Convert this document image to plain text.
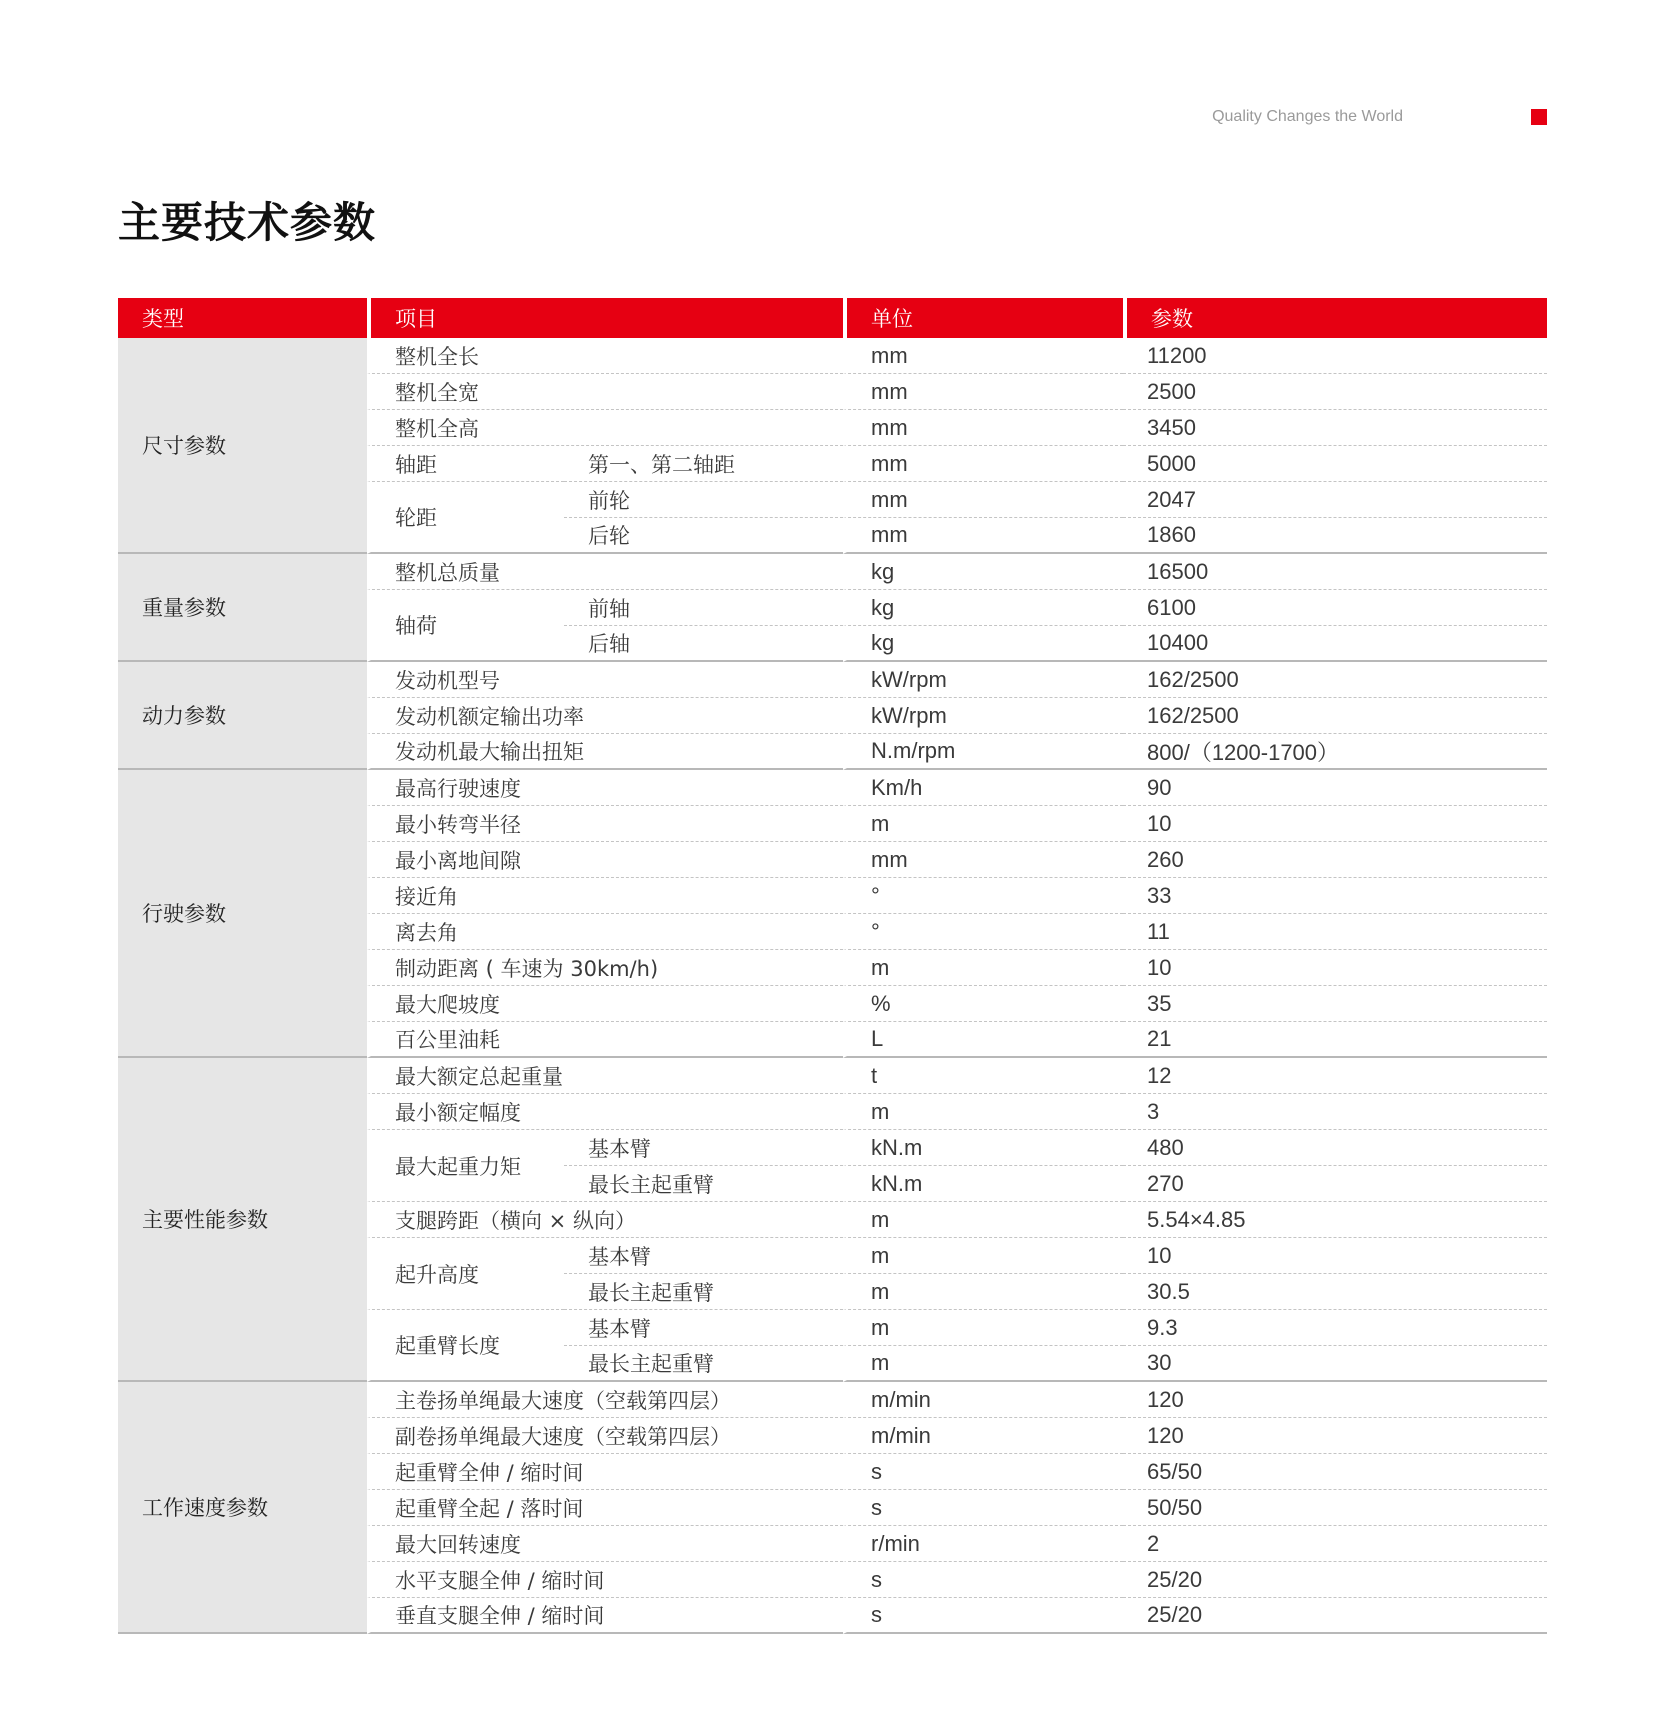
Quality Changes the World
主要技术参数
类型	项目		单位	参数
尺寸参数	整机全长		mm	11200
	整机全宽		mm	2500
	整机全高		mm	3450
	轴距	第一、第二轴距	mm	5000
	轮距	前轮	mm	2047
		后轮	mm	1860
重量参数	整机总质量		kg	16500
	轴荷	前轴	kg	6100
		后轴	kg	10400
动力参数	发动机型号		kW/rpm	162/2500
	发动机额定输出功率		kW/rpm	162/2500
	发动机最大输出扭矩		N.m/rpm	800/（1200-1700）
行驶参数	最高行驶速度		Km/h	90
	最小转弯半径		m	10
	最小离地间隙		mm	260
	接近角		°	33
	离去角		°	11
	制动距离 ( 车速为 30km/h)		m	10
	最大爬坡度		%	35
	百公里油耗		L	21
主要性能参数	最大额定总起重量		t	12
	最小额定幅度		m	3
	最大起重力矩	基本臂	kN.m	480
		最长主起重臂	kN.m	270
	支腿跨距（横向 × 纵向）		m	5.54×4.85
	起升高度	基本臂	m	10
		最长主起重臂	m	30.5
	起重臂长度	基本臂	m	9.3
		最长主起重臂	m	30
工作速度参数	主卷扬单绳最大速度（空载第四层）		m/min	120
	副卷扬单绳最大速度（空载第四层）		m/min	120
	起重臂全伸 / 缩时间		s	65/50
	起重臂全起 / 落时间		s	50/50
	最大回转速度		r/min	2
	水平支腿全伸 / 缩时间		s	25/20
	垂直支腿全伸 / 缩时间		s	25/20
